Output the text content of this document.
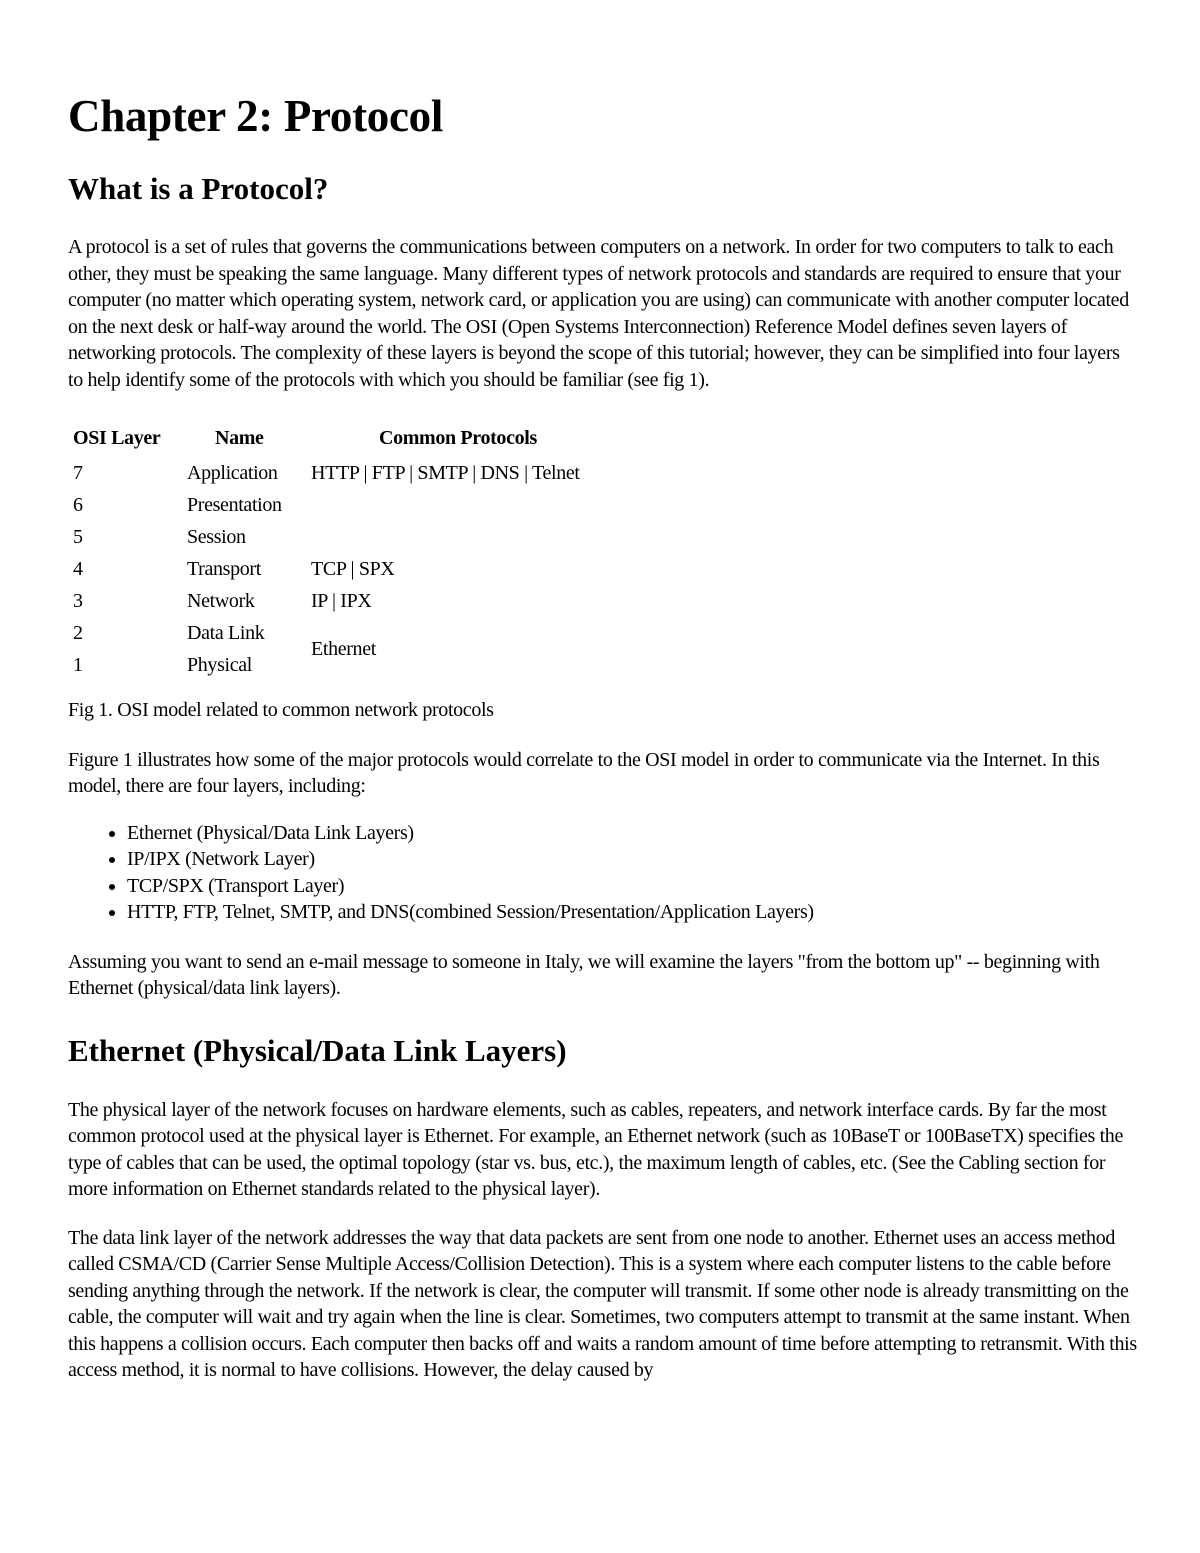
Chapter 2: Protocol
What is a Protocol?

A protocol is a set of rules that governs the communications between computers on a network. In order for two computers to talk to each other, they must be speaking the same language. Many different types of network protocols and standards are required to ensure that your computer (no matter which operating system, network card, or application you are using) can communicate with another computer located on the next desk or half-way around the world. The OSI (Open Systems Interconnection) Reference Model defines seven layers of networking protocols. The complexity of these layers is beyond the scope of this tutorial; however, they can be simplified into four layers to help identify some of the protocols with which you should be familiar (see fig 1).

OSI Layer	Name	Common Protocols
7	Application	HTTP | FTP | SMTP | DNS | Telnet
6	Presentation	
5	Session	
4	Transport	TCP | SPX
3	Network	IP | IPX
2	Data Link	Ethernet
1	Physical	

Fig 1. OSI model related to common network protocols

Figure 1 illustrates how some of the major protocols would correlate to the OSI model in order to communicate via the Internet. In this model, there are four layers, including:

• Ethernet (Physical/Data Link Layers)
• IP/IPX (Network Layer)
• TCP/SPX (Transport Layer)
• HTTP, FTP, Telnet, SMTP, and DNS(combined Session/Presentation/Application Layers)

Assuming you want to send an e-mail message to someone in Italy, we will examine the layers "from the bottom up" -- beginning with Ethernet (physical/data link layers).

Ethernet (Physical/Data Link Layers)

The physical layer of the network focuses on hardware elements, such as cables, repeaters, and network interface cards. By far the most common protocol used at the physical layer is Ethernet. For example, an Ethernet network (such as 10BaseT or 100BaseTX) specifies the type of cables that can be used, the optimal topology (star vs. bus, etc.), the maximum length of cables, etc. (See the Cabling section for more information on Ethernet standards related to the physical layer).

The data link layer of the network addresses the way that data packets are sent from one node to another. Ethernet uses an access method called CSMA/CD (Carrier Sense Multiple Access/Collision Detection). This is a system where each computer listens to the cable before sending anything through the network. If the network is clear, the computer will transmit. If some other node is already transmitting on the cable, the computer will wait and try again when the line is clear. Sometimes, two computers attempt to transmit at the same instant. When this happens a collision occurs. Each computer then backs off and waits a random amount of time before attempting to retransmit. With this access method, it is normal to have collisions. However, the delay caused by
